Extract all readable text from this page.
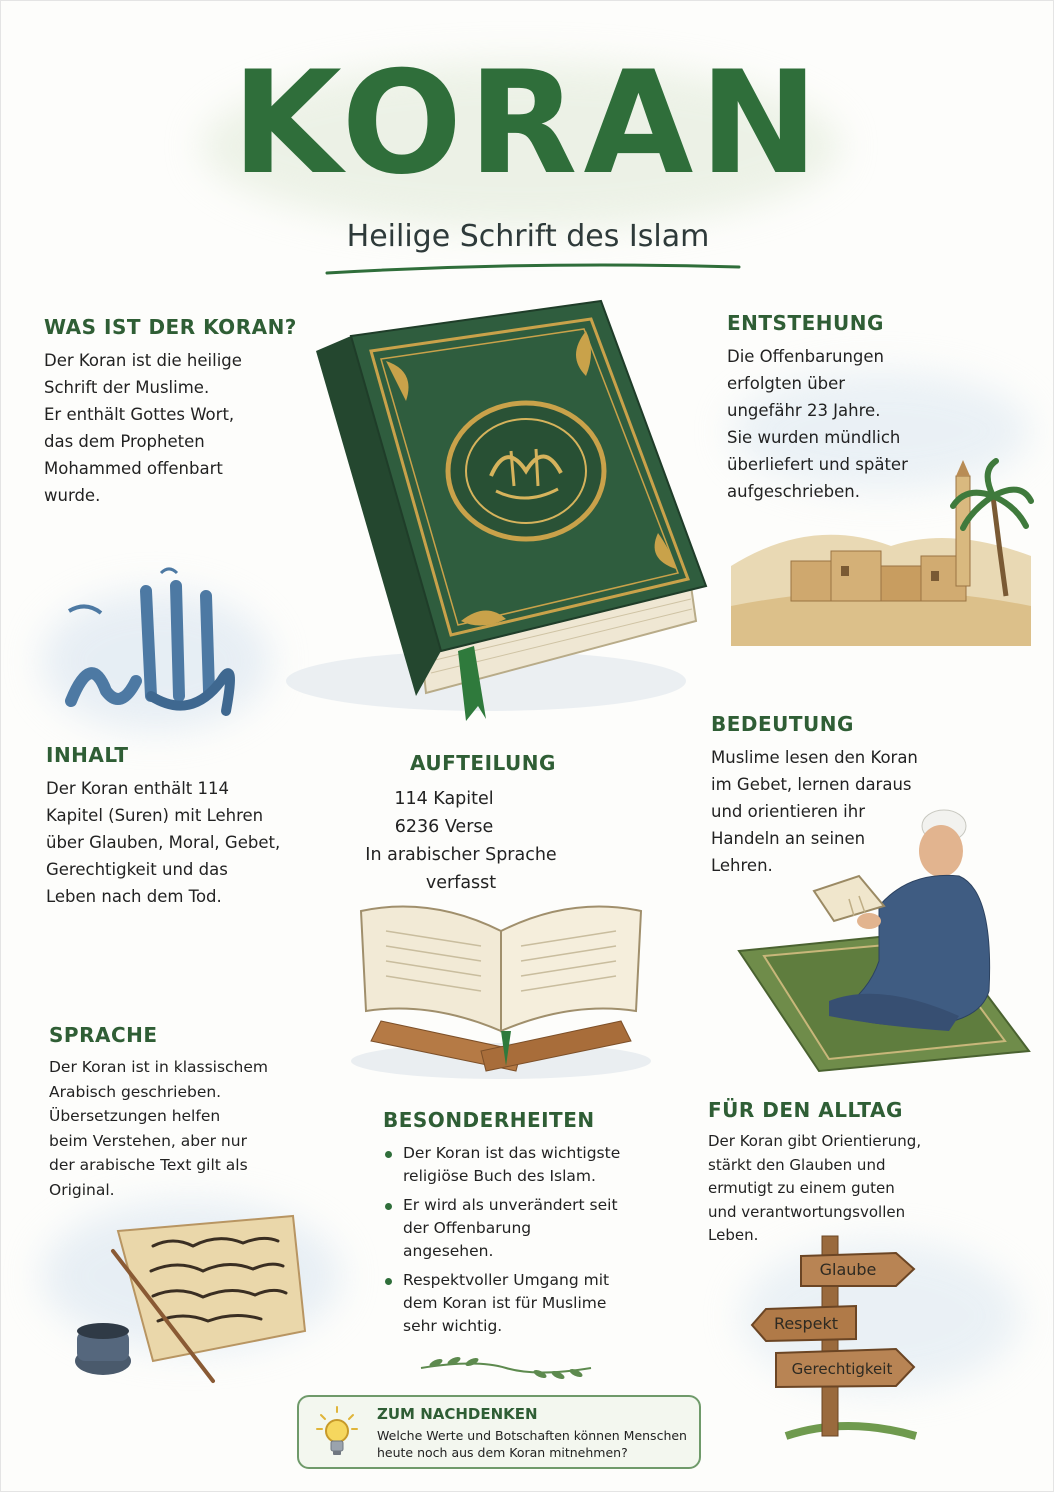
KORAN
Heilige Schrift des Islam
WAS IST DER KORAN?
Der Koran ist die heilige
Schrift der Muslime.
Er enthält Gottes Wort,
das dem Propheten
Mohammed offenbart
wurde.
ENTSTEHUNG
Die Offenbarungen
erfolgten über
ungefähr 23 Jahre.
Sie wurden mündlich
überliefert und später
aufgeschrieben.
INHALT
Der Koran enthält 114
Kapitel (Suren) mit Lehren
über Glauben, Moral, Gebet,
Gerechtigkeit und das
Leben nach dem Tod.
AUFTEILUNG
114 Kapitel
6236 Verse
In arabischer Sprache
verfasst
BEDEUTUNG
Muslime lesen den Koran
im Gebet, lernen daraus
und orientieren ihr
Handeln an seinen
Lehren.
SPRACHE
Der Koran ist in klassischem
Arabisch geschrieben.
Übersetzungen helfen
beim Verstehen, aber nur
der arabische Text gilt als
Original.
BESONDERHEITEN
Der Koran ist das wichtigste religiöse Buch des Islam.
Er wird als unverändert seit der Offenbarung angesehen.
Respektvoller Umgang mit dem Koran ist für Muslime sehr wichtig.
FÜR DEN ALLTAG
Der Koran gibt Orientierung,
stärkt den Glauben und
ermutigt zu einem guten
und verantwortungsvollen
Leben.
Glaube
Respekt
Gerechtigkeit
ZUM NACHDENKEN
Welche Werte und Botschaften können Menschen
heute noch aus dem Koran mitnehmen?
